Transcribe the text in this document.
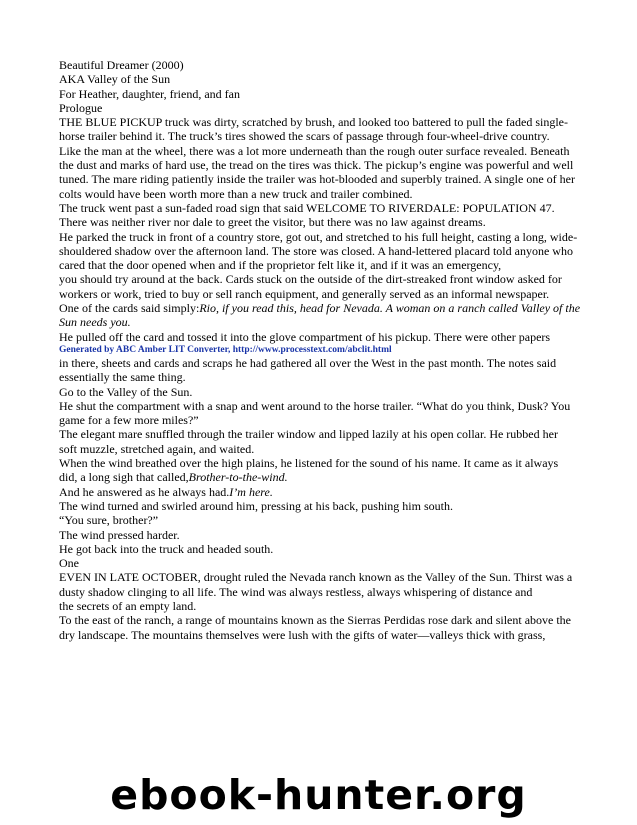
Beautiful Dreamer (2000)

AKA Valley of the Sun

For Heather, daughter, friend, and fan

Prologue

THE BLUE PICKUP truck was dirty, scratched by brush, and looked too battered to pull the faded single-horse trailer behind it. The truck’s tires showed the scars of passage through four-wheel-drive country.

Like the man at the wheel, there was a lot more underneath than the rough outer surface revealed. Beneath the dust and marks of hard use, the tread on the tires was thick. The pickup’s engine was powerful and well tuned. The mare riding patiently inside the trailer was hot-blooded and superbly trained. A single one of her colts would have been worth more than a new truck and trailer combined.

The truck went past a sun-faded road sign that said WELCOME TO RIVERDALE: POPULATION 47.

There was neither river nor dale to greet the visitor, but there was no law against dreams.

He parked the truck in front of a country store, got out, and stretched to his full height, casting a long, wide-shouldered shadow over the afternoon land. The store was closed. A hand-lettered placard told anyone who cared that the door opened when and if the proprietor felt like it, and if it was an emergency,

you should try around at the back. Cards stuck on the outside of the dirt-streaked front window asked for workers or work, tried to buy or sell ranch equipment, and generally served as an informal newspaper.

One of the cards said simply:Rio, if you read this, head for Nevada. A woman on a ranch called Valley of the Sun needs you.

He pulled off the card and tossed it into the glove compartment of his pickup. There were other papers

Generated by ABC Amber LIT Converter, http://www.processtext.com/abclit.html

in there, sheets and cards and scraps he had gathered all over the West in the past month. The notes said essentially the same thing.

Go to the Valley of the Sun.

He shut the compartment with a snap and went around to the horse trailer. “What do you think, Dusk? You game for a few more miles?”

The elegant mare snuffled through the trailer window and lipped lazily at his open collar. He rubbed her

soft muzzle, stretched again, and waited.

When the wind breathed over the high plains, he listened for the sound of his name. It came as it always

did, a long sigh that called,Brother-to-the-wind.

And he answered as he always had.I’m here.

The wind turned and swirled around him, pressing at his back, pushing him south.

“You sure, brother?”

The wind pressed harder.

He got back into the truck and headed south.

One

EVEN IN LATE OCTOBER, drought ruled the Nevada ranch known as the Valley of the Sun. Thirst was a dusty shadow clinging to all life. The wind was always restless, always whispering of distance and

the secrets of an empty land.

To the east of the ranch, a range of mountains known as the Sierras Perdidas rose dark and silent above the dry landscape. The mountains themselves were lush with the gifts of water—valleys thick with grass,

ebook-hunter.org
